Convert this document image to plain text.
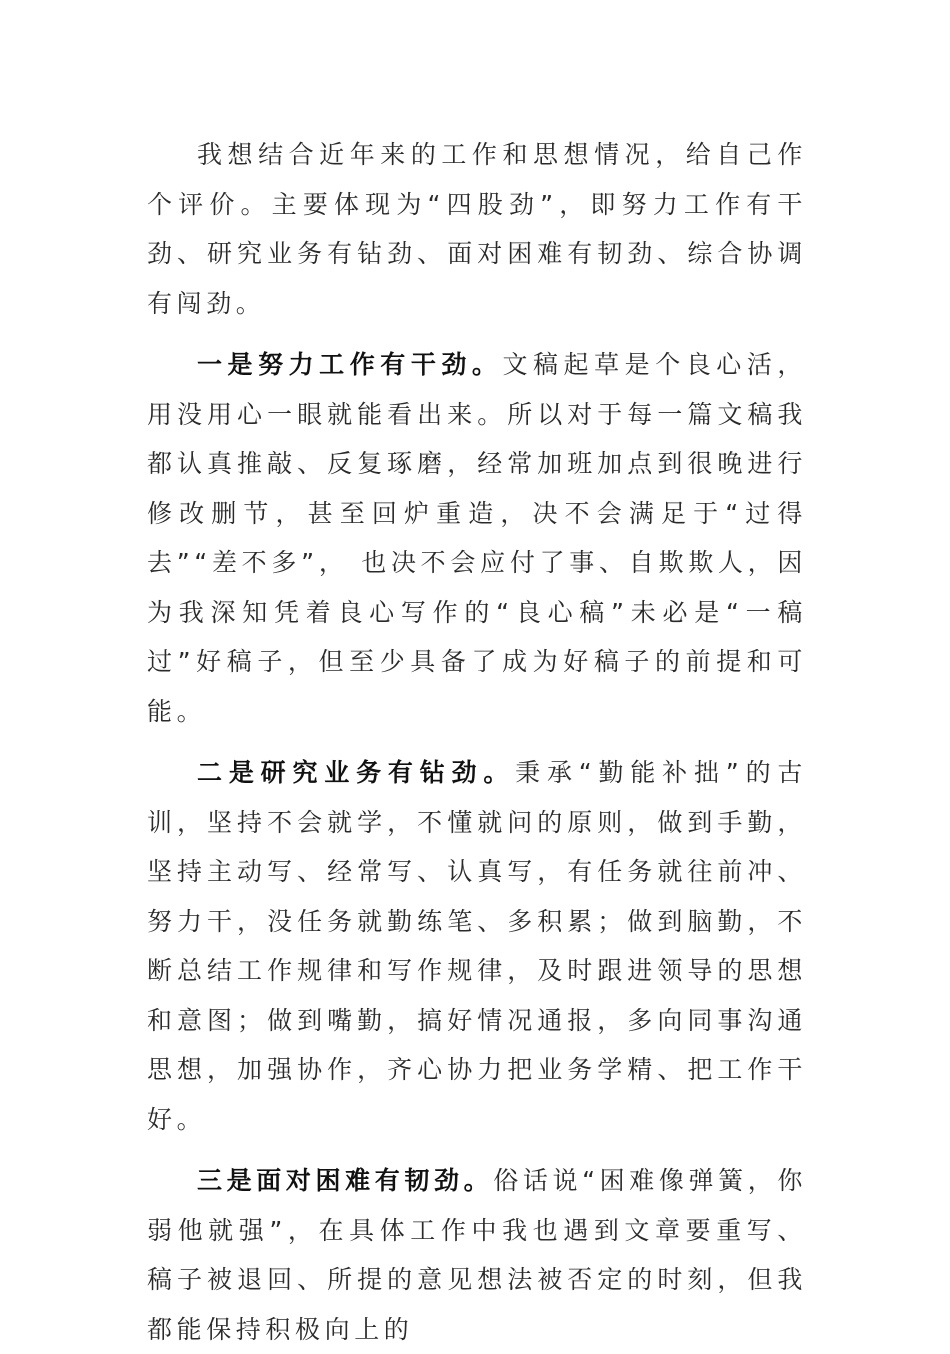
我想结合近年来的工作和思想情况，给自己作个评价。主要体现为“四股劲”，即努力工作有干劲、研究业务有钻劲、面对困难有韧劲、综合协调有闯劲。

一是努力工作有干劲。文稿起草是个良心活，用没用心一眼就能看出来。所以对于每一篇文稿我都认真推敲、反复琢磨，经常加班加点到很晚进行修改删节，甚至回炉重造，决不会满足于“过得去”“差不多”， 也决不会应付了事、自欺欺人，因为我深知凭着良心写作的“良心稿”未必是“一稿过”好稿子，但至少具备了成为好稿子的前提和可能。

二是研究业务有钻劲。秉承“勤能补拙”的古训，坚持不会就学，不懂就问的原则，做到手勤，坚持主动写、经常写、认真写，有任务就往前冲、努力干，没任务就勤练笔、多积累；做到脑勤，不断总结工作规律和写作规律，及时跟进领导的思想和意图；做到嘴勤，搞好情况通报，多向同事沟通思想，加强协作，齐心协力把业务学精、把工作干好。

三是面对困难有韧劲。俗话说“困难像弹簧，你弱他就强”，在具体工作中我也遇到文章要重写、稿子被退回、所提的意见想法被否定的时刻，但我都能保持积极向上的
